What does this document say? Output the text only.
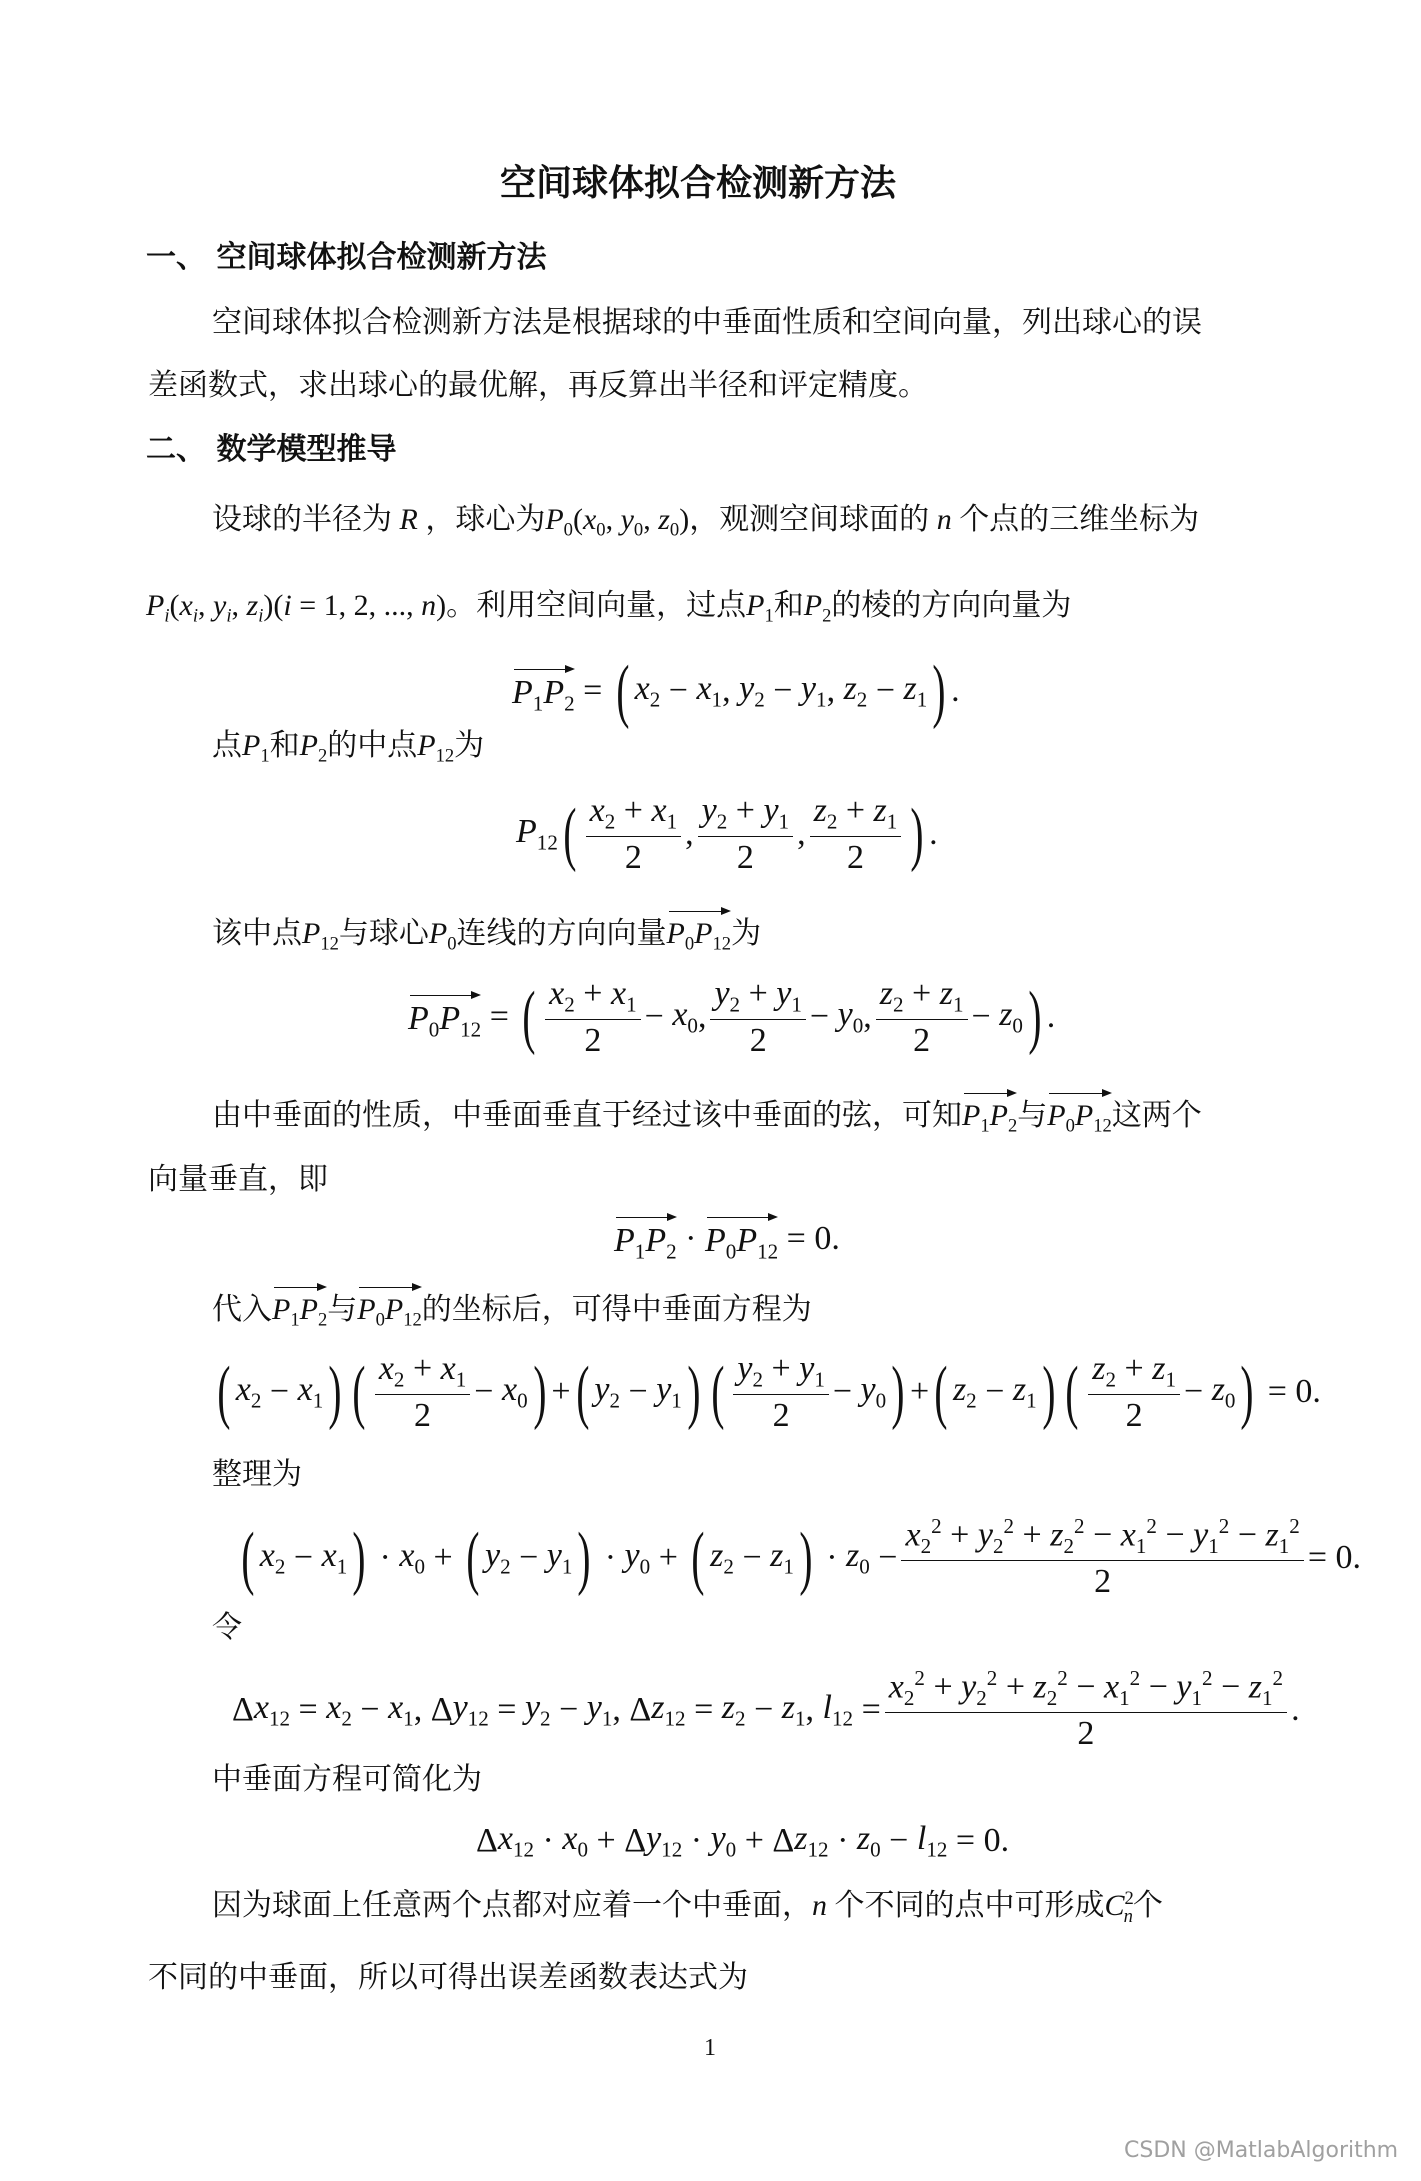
空间球体拟合检测新方法
一、 空间球体拟合检测新方法
空间球体拟合检测新方法是根据球的中垂面性质和空间向量，列出球心的误
差函数式，求出球心的最优解，再反算出半径和评定精度。
二、 数学模型推导
设球的半径为 R ，球心为$P_0(x_0$, $y_0$, $z_0$)，观测空间球面的 n 个点的三维坐标为
$P_i(x_i$, $y_i$, $z_i)(i = 1$, 2, ..., n)。利用空间向量，过点$P_1$和$P_2$的棱的方向向量为
$P_1P_2$ = ( $x_2 - x_1$ , $y_2 - y_1$ , $z_2 - z_1$ ) .
点$P_1$和$P_2$的中点$P_{12}$为
$P_{12}$ ( $\frac{x_2 + x_1}{2}$ , $\frac{y_2 + y_1}{2}$ , $\frac{z_2 + z_1}{2}$ ) .
该中点$P_{12}$与球心$P_0$连线的方向向量$P_0P_{12}$为
$P_0P_{12}$ = ( $\frac{x_2 + x_1}{2} - x_0$ , $\frac{y_2 + y_1}{2} - y_0$ , $\frac{z_2 + z_1}{2} - z_0$ ) .
由中垂面的性质，中垂面垂直于经过该中垂面的弦，可知$P_1P_2$与$P_0P_{12}$这两个
向量垂直，即
$P_1P_2 \cdot P_0P_{12} = 0$.
代入$P_1P_2$与$P_0P_{12}$的坐标后，可得中垂面方程为
( $x_2 - x_1$ ) ( $\frac{x_2 + x_1}{2} - x_0$ ) + ( $y_2 - y_1$ ) ( $\frac{y_2 + y_1}{2} - y_0$ ) + ( $z_2 - z_1$ ) ( $\frac{z_2 + z_1}{2} - z_0$ ) = 0.
整理为
( $x_2 - x_1$ ) · $x_0$ + ( $y_2 - y_1$ ) · $y_0$ + ( $z_2 - z_1$ ) · $z_0 - \frac{x_2^2 + y_2^2 + z_2^2 - x_1^2 - y_1^2 - z_1^2}{2} = 0$.
令
Δ $x_{12} = x_2 - x_1$ , Δ $y_{12} = y_2 - y_1$ , Δ $z_{12} = z_2 - z_1$ , $l_{12} = \frac{x_2^2 + y_2^2 + z_2^2 - x_1^2 - y_1^2 - z_1^2}{2}$ .
中垂面方程可简化为
Δ $x_{12} \cdot x_0 + \Delta$ $y_{12} \cdot y_0 + \Delta$ $z_{12} \cdot z_0 - l_{12} = 0$.
因为球面上任意两个点都对应着一个中垂面，n 个不同的点中可形成$C^2_n$个
不同的中垂面，所以可得出误差函数表达式为
1
CSDN @MatlabAlgorithm
